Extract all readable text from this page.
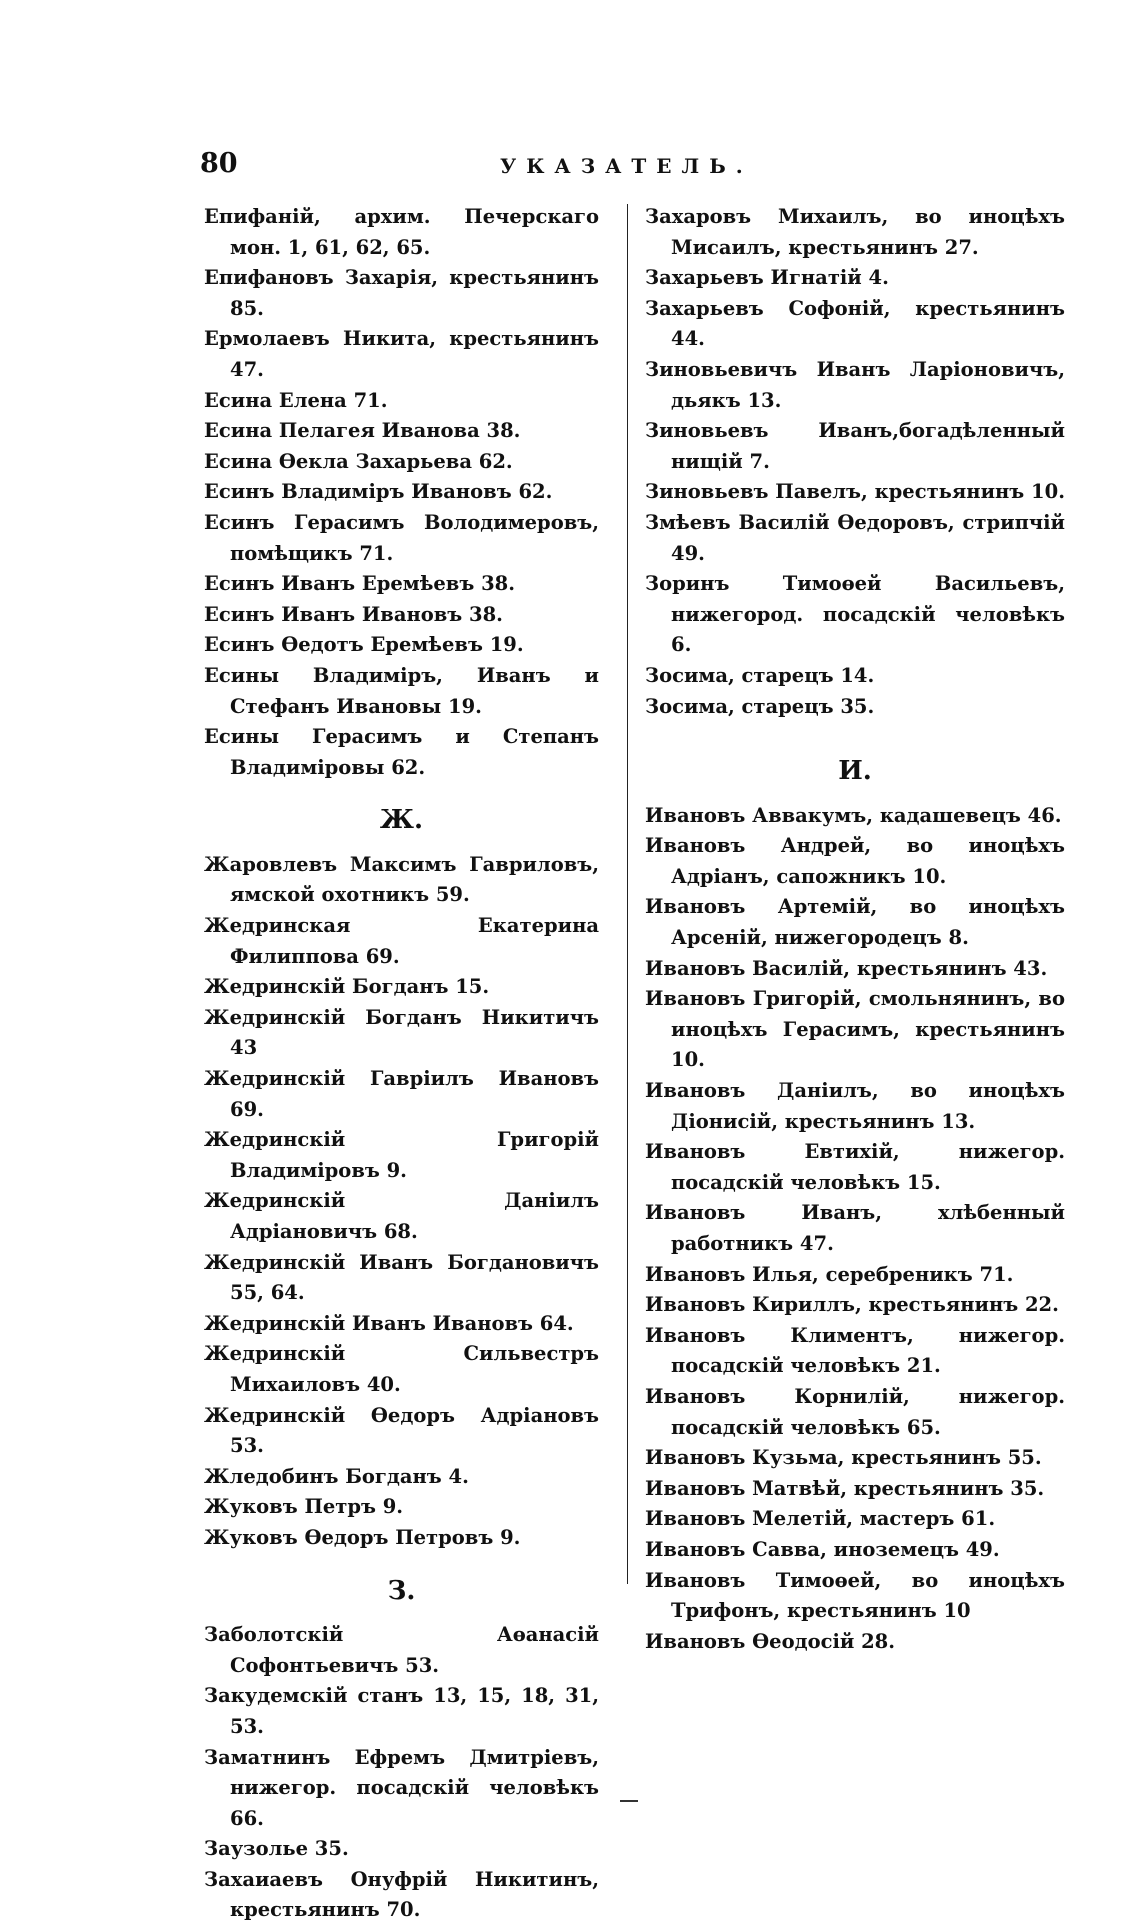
80	УКАЗАТЕЛЬ.
Епифаній, архим. Печерскаго мон. 1, 61, 62, 65.
Епифановъ Захарія, крестьянинъ 85.
Ермолаевъ Никита, крестьянинъ 47.
Есина Елена 71.
Есина Пелагея Иванова 38.
Есина Өекла Захарьева 62.
Есинъ Владиміръ Ивановъ 62.
Есинъ Герасимъ Володимеровъ, помѣщикъ 71.
Есинъ Иванъ Еремѣевъ 38.
Есинъ Иванъ Ивановъ 38.
Есинъ Өедотъ Еремѣевъ 19.
Есины Владиміръ, Иванъ и Стефанъ Ивановы 19.
Есины Герасимъ и Степанъ Владиміровы 62.
Ж.
Жаровлевъ Максимъ Гавриловъ, ямской охотникъ 59.
Жедринская Екатерина Филиппова 69.
Жедринскій Богданъ 15.
Жедринскій Богданъ Никитичъ 43
Жедринскій Гавріилъ Ивановъ 69.
Жедринскій Григорій Владиміровъ 9.
Жедринскій Даніилъ Адріановичъ 68.
Жедринскій Иванъ Богдановичъ 55, 64.
Жедринскій Иванъ Ивановъ 64.
Жедринскій Сильвестръ Михаиловъ 40.
Жедринскій Өедоръ Адріановъ 53.
Жледобинъ Богданъ 4.
Жуковъ Петръ 9.
Жуковъ Өедоръ Петровъ 9.
З.
Заболотскій Аөанасій Софонтьевичъ 53.
Закудемскій станъ 13, 15, 18, 31, 53.
Заматнинъ Ефремъ Дмитріевъ, нижегор. посадскій человѣкъ 66.
Заузолье 35.
Захаиаевъ Онуфрій Никитинъ, крестьянинъ 70.
Захаровъ Михаилъ, во иноцѣхъ Мисаилъ, крестьянинъ 27.
Захарьевъ Игнатій 4.
Захарьевъ Софоній, крестьянинъ 44.
Зиновьевичъ Иванъ Ларіоновичъ, дьякъ 13.
Зиновьевъ Иванъ,богадѣленный нищій 7.
Зиновьевъ Павелъ, крестьянинъ 10.
Змѣевъ Василій Өедоровъ, стрипчій 49.
Зоринъ Тимоөей Васильевъ, нижегород. посадскій человѣкъ 6.
Зосима, старецъ 14.
Зосима, старецъ 35.
И.
Ивановъ Аввакумъ, кадашевецъ 46.
Ивановъ Андрей, во иноцѣхъ Адріанъ, сапожникъ 10.
Ивановъ Артемій, во иноцѣхъ Арсеній, нижегородецъ 8.
Ивановъ Василій, крестьянинъ 43.
Ивановъ Григорій, смольнянинъ, во иноцѣхъ Герасимъ, крестьянинъ 10.
Ивановъ Даніилъ, во иноцѣхъ Діонисій, крестьянинъ 13.
Ивановъ Евтихій, нижегор. посадскій человѣкъ 15.
Ивановъ Иванъ, хлѣбенный работникъ 47.
Ивановъ Илья, серебреникъ 71.
Ивановъ Кириллъ, крестьянинъ 22.
Ивановъ Климентъ, нижегор. посадскій человѣкъ 21.
Ивановъ Корнилій, нижегор. посадскій человѣкъ 65.
Ивановъ Кузьма, крестьянинъ 55.
Ивановъ Матвѣй, крестьянинъ 35.
Ивановъ Мелетій, мастеръ 61.
Ивановъ Савва, иноземецъ 49.
Ивановъ Тимоөей, во иноцѣхъ Трифонъ, крестьянинъ 10
Ивановъ Өеодосій 28.
